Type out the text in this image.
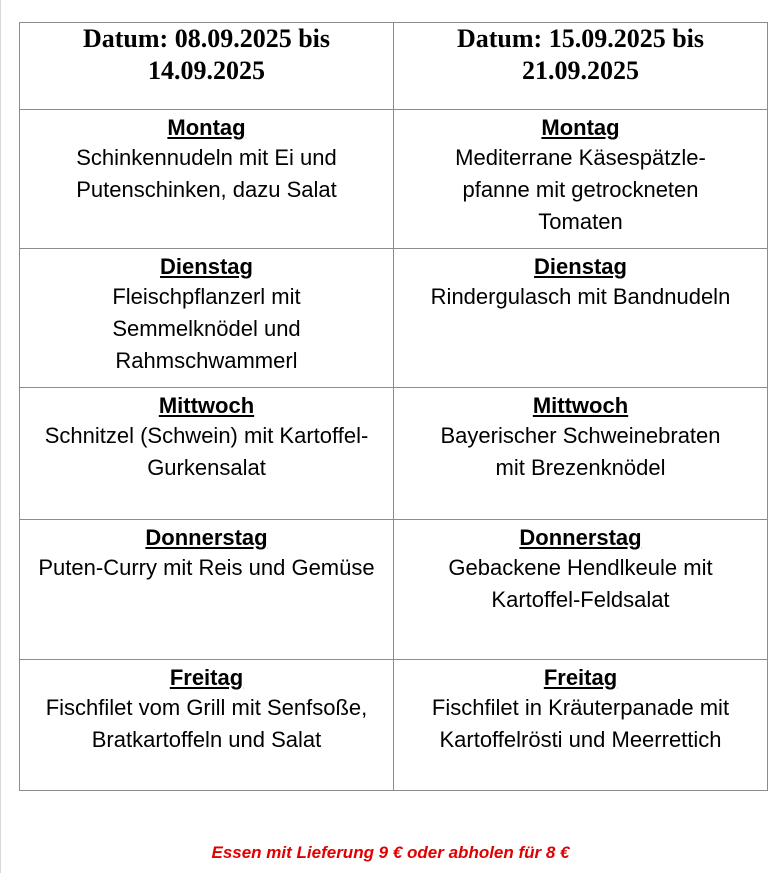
Datum: 08.09.2025 bis 14.09.2025	Datum: 15.09.2025 bis 21.09.2025

Montag
Schinkennudeln mit Ei und
Putenschinken, dazu Salat	Montag
Mediterrane Käsespätzle-
pfanne mit getrockneten
Tomaten

Dienstag
Fleischpflanzerl mit
Semmelknödel und
Rahmschwammerl	Dienstag
Rindergulasch mit Bandnudeln

Mittwoch
Schnitzel (Schwein) mit Kartoffel-
Gurkensalat	Mittwoch
Bayerischer Schweinebraten
mit Brezenknödel

Donnerstag
Puten-Curry mit Reis und Gemüse	Donnerstag
Gebackene Hendlkeule mit
Kartoffel-Feldsalat

Freitag
Fischfilet vom Grill mit Senfsoße,
Bratkartoffeln und Salat	Freitag
Fischfilet in Kräuterpanade mit
Kartoffelrösti und Meerrettich
Essen mit Lieferung 9 € oder abholen für 8 €
